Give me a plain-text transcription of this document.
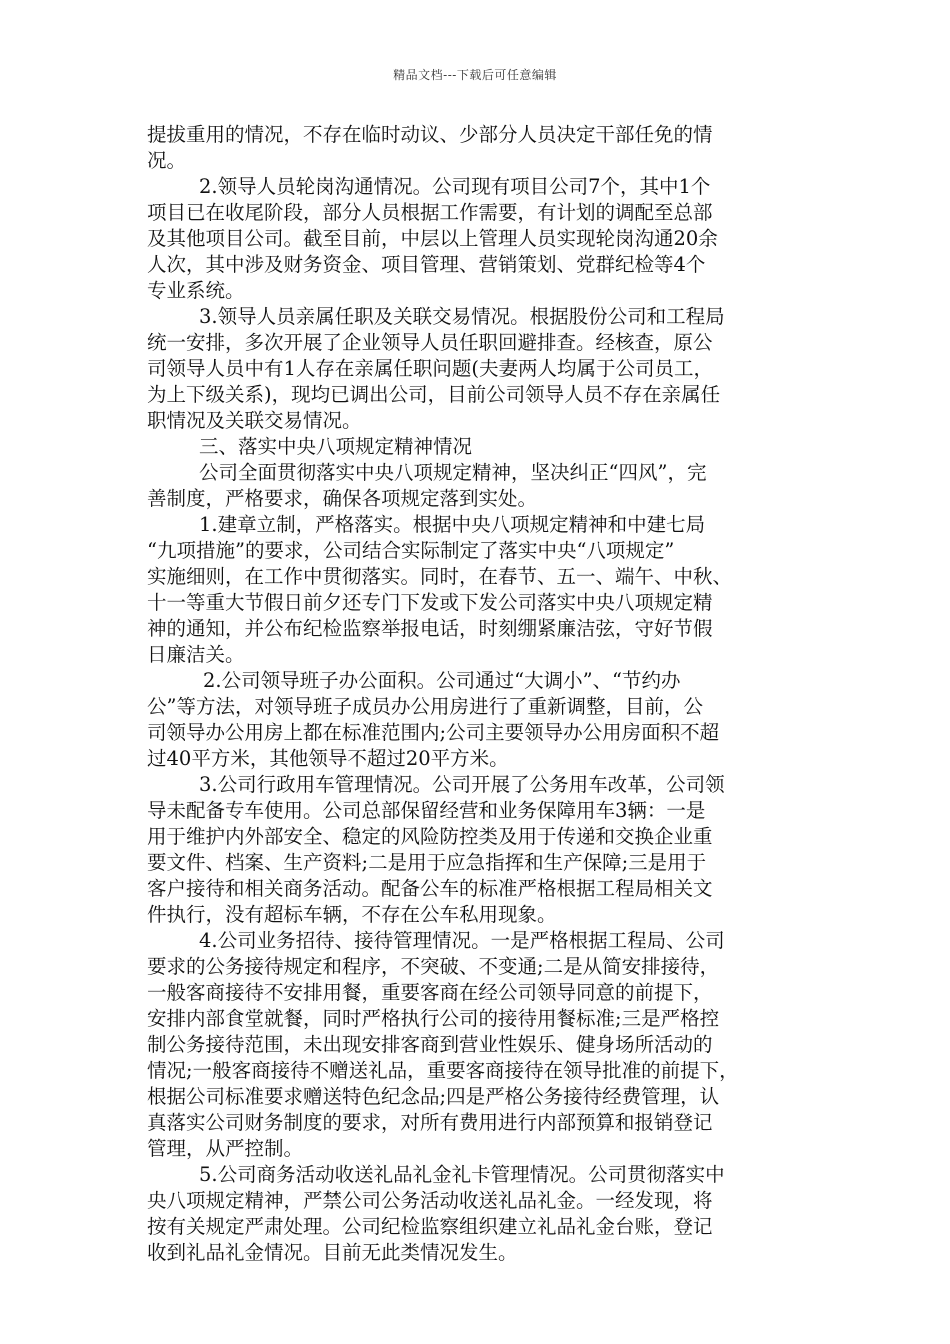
精品文档---下载后可任意编辑
提拔重用的情况，不存在临时动议、少部分人员决定干部任免的情
况。
2.领导人员轮岗沟通情况。公司现有项目公司7个，其中1个
项目已在收尾阶段，部分人员根据工作需要，有计划的调配至总部
及其他项目公司。截至目前，中层以上管理人员实现轮岗沟通20余
人次，其中涉及财务资金、项目管理、营销策划、党群纪检等4个
专业系统。
3.领导人员亲属任职及关联交易情况。根据股份公司和工程局
统一安排，多次开展了企业领导人员任职回避排查。经核查，原公
司领导人员中有1人存在亲属任职问题(夫妻两人均属于公司员工，
为上下级关系)，现均已调出公司，目前公司领导人员不存在亲属任
职情况及关联交易情况。
三、落实中央八项规定精神情况
公司全面贯彻落实中央八项规定精神，坚决纠正“四风”，完
善制度，严格要求，确保各项规定落到实处。
1.建章立制，严格落实。根据中央八项规定精神和中建七局
“九项措施”的要求，公司结合实际制定了落实中央“八项规定”
实施细则，在工作中贯彻落实。同时，在春节、五一、端午、中秋、
十一等重大节假日前夕还专门下发或下发公司落实中央八项规定精
神的通知，并公布纪检监察举报电话，时刻绷紧廉洁弦，守好节假
日廉洁关。
2.公司领导班子办公面积。公司通过“大调小”、“节约办
公”等方法，对领导班子成员办公用房进行了重新调整，目前，公
司领导办公用房上都在标准范围内;公司主要领导办公用房面积不超
过40平方米，其他领导不超过20平方米。
3.公司行政用车管理情况。公司开展了公务用车改革，公司领
导未配备专车使用。公司总部保留经营和业务保障用车3辆：一是
用于维护内外部安全、稳定的风险防控类及用于传递和交换企业重
要文件、档案、生产资料;二是用于应急指挥和生产保障;三是用于
客户接待和相关商务活动。配备公车的标准严格根据工程局相关文
件执行，没有超标车辆，不存在公车私用现象。
4.公司业务招待、接待管理情况。一是严格根据工程局、公司
要求的公务接待规定和程序，不突破、不变通;二是从简安排接待，
一般客商接待不安排用餐，重要客商在经公司领导同意的前提下，
安排内部食堂就餐，同时严格执行公司的接待用餐标准;三是严格控
制公务接待范围，未出现安排客商到营业性娱乐、健身场所活动的
情况;一般客商接待不赠送礼品，重要客商接待在领导批准的前提下，
根据公司标准要求赠送特色纪念品;四是严格公务接待经费管理，认
真落实公司财务制度的要求，对所有费用进行内部预算和报销登记
管理，从严控制。
5.公司商务活动收送礼品礼金礼卡管理情况。公司贯彻落实中
央八项规定精神，严禁公司公务活动收送礼品礼金。一经发现，将
按有关规定严肃处理。公司纪检监察组织建立礼品礼金台账，登记
收到礼品礼金情况。目前无此类情况发生。
